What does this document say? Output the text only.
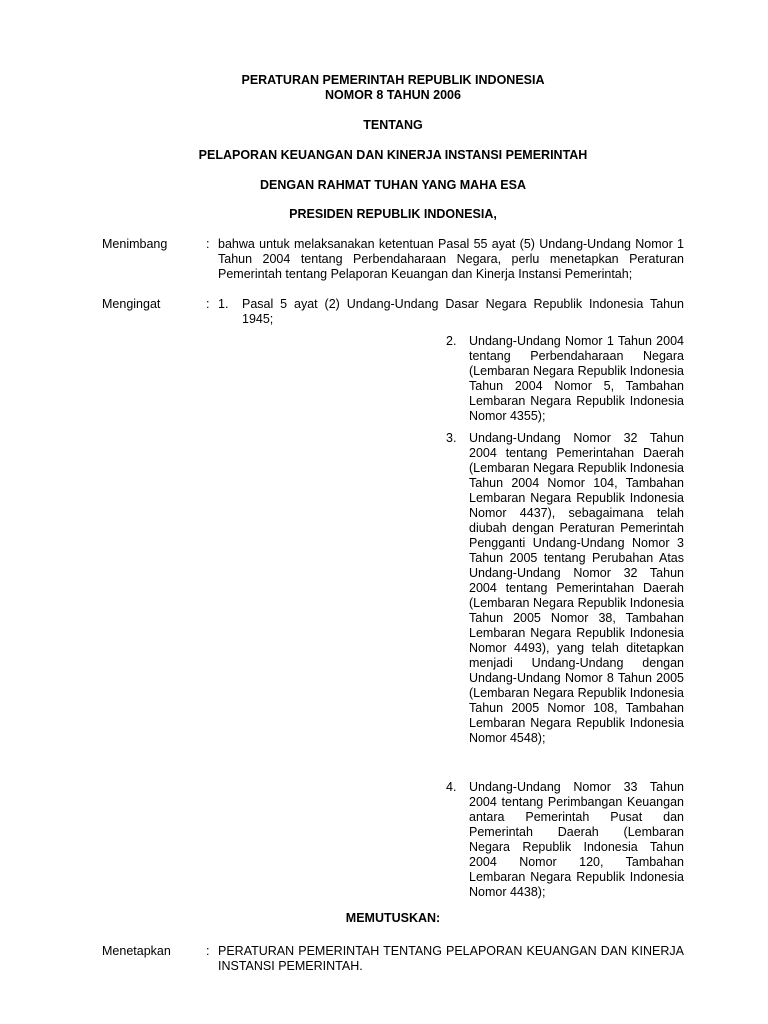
PERATURAN PEMERINTAH REPUBLIK INDONESIA
NOMOR 8 TAHUN 2006
TENTANG
PELAPORAN KEUANGAN DAN KINERJA INSTANSI PEMERINTAH
DENGAN RAHMAT TUHAN YANG MAHA ESA
PRESIDEN REPUBLIK INDONESIA,
Menimbang	: bahwa untuk melaksanakan ketentuan Pasal 55 ayat (5) Undang-Undang Nomor 1 Tahun 2004 tentang Perbendaharaan Negara, perlu menetapkan Peraturan Pemerintah tentang Pelaporan Keuangan dan Kinerja Instansi Pemerintah;
Mengingat	: 1. Pasal 5 ayat (2) Undang-Undang Dasar Negara Republik Indonesia Tahun 1945;
2. Undang-Undang Nomor 1 Tahun 2004 tentang Perbendaharaan Negara (Lembaran Negara Republik Indonesia Tahun 2004 Nomor 5, Tambahan Lembaran Negara Republik Indonesia Nomor 4355);
3. Undang-Undang Nomor 32 Tahun 2004 tentang Pemerintahan Daerah (Lembaran Negara Republik Indonesia Tahun 2004 Nomor 104, Tambahan Lembaran Negara Republik Indonesia Nomor 4437), sebagaimana telah diubah dengan Peraturan Pemerintah Pengganti Undang-Undang Nomor 3 Tahun 2005 tentang Perubahan Atas Undang-Undang Nomor 32 Tahun 2004 tentang Pemerintahan Daerah (Lembaran Negara Republik Indonesia Tahun 2005 Nomor 38, Tambahan Lembaran Negara Republik Indonesia Nomor 4493), yang telah ditetapkan menjadi Undang-Undang dengan Undang-Undang Nomor 8 Tahun 2005 (Lembaran Negara Republik Indonesia Tahun 2005 Nomor 108, Tambahan Lembaran Negara Republik Indonesia Nomor 4548);
4. Undang-Undang Nomor 33 Tahun 2004 tentang Perimbangan Keuangan antara Pemerintah Pusat dan Pemerintah Daerah (Lembaran Negara Republik Indonesia Tahun 2004 Nomor 120, Tambahan Lembaran Negara Republik Indonesia Nomor 4438);
MEMUTUSKAN:
Menetapkan	: PERATURAN PEMERINTAH TENTANG PELAPORAN KEUANGAN DAN KINERJA INSTANSI PEMERINTAH.
